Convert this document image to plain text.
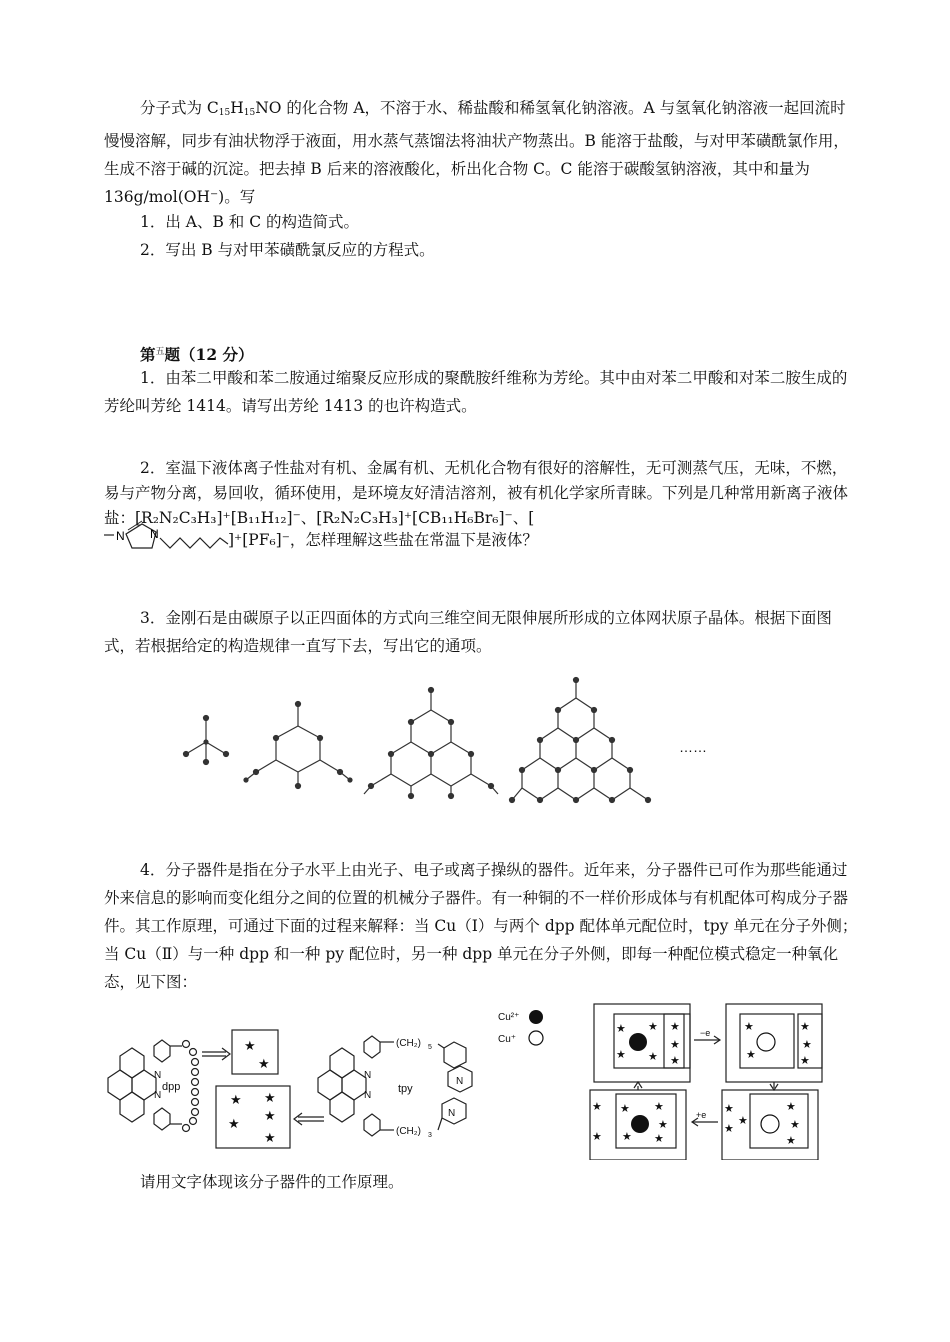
分子式为 $C_{15}H_{15}NO$ 的化合物 A，不溶于水、稀盐酸和稀氢氧化钠溶液。A 与氢氧化钠溶液一起回流时慢慢溶解，同步有油状物浮于液面，用水蒸气蒸馏法将油状产物蒸出。B 能溶于盐酸，与对甲苯磺酰氯作用，生成不溶于碱的沉淀。把去掉 B 后来的溶液酸化，析出化合物 C。C 能溶于碳酸氢钠溶液，其中和量为 136g/mol(OH⁻)。写

1．出 A、B 和 C 的构造简式。

2．写出 B 与对甲苯磺酰氯反应的方程式。

第$^五$题（12 分）

1．由苯二甲酸和苯二胺通过缩聚反应形成的聚酰胺纤维称为芳纶。其中由对苯二甲酸和对苯二胺生成的芳纶叫芳纶 1414。请写出芳纶 1413 的也许构造式。

2．室温下液体离子性盐对有机、金属有机、无机化合物有很好的溶解性，无可测蒸气压，无味，不燃，易与产物分离，易回收，循环使用，是环境友好清洁溶剂，被有机化学家所青睐。下列是几种常用新离子液体盐：[R₂N₂C₃H₃]⁺[B₁₁H₁₂]⁻、[R₂N₂C₃H₃]⁺[CB₁₁H₆Br₆]⁻、[

N N	]⁺[PF₆]⁻，怎样理解这些盐在常温下是液体？

3．金刚石是由碳原子以正四面体的方式向三维空间无限伸展所形成的立体网状原子晶体。根据下面图式，若根据给定的构造规律一直写下去，写出它的通项。

……

4．分子器件是指在分子水平上由光子、电子或离子操纵的器件。近年来，分子器件已可作为那些能通过外来信息的影响而变化组分之间的位置的机械分子器件。有一种铜的不一样价形成体与有机配体可构成分子器件。其工作原理，可通过下面的过程来解释：当 Cu（Ⅰ）与两个 dpp 配体单元配位时，tpy 单元在分子外侧；当 Cu（Ⅱ）与一种 dpp 和一种 py 配位时，另一种 dpp 单元在分子外侧，即每一种配位模式稳定一种氧化态，见下图：

N
N
dpp
N
N
tpy
(CH₂) 5
(CH₂) 3
N
N
★
★
★ ★
★
★
★
Cu²⁺
Cu⁺
−e
+e
★ ★
★ ★
★
★
★
★
★
★
★
★
★
★
★ ★
★
★ ★
★
★
★
★
★
★

请用文字体现该分子器件的工作原理。
